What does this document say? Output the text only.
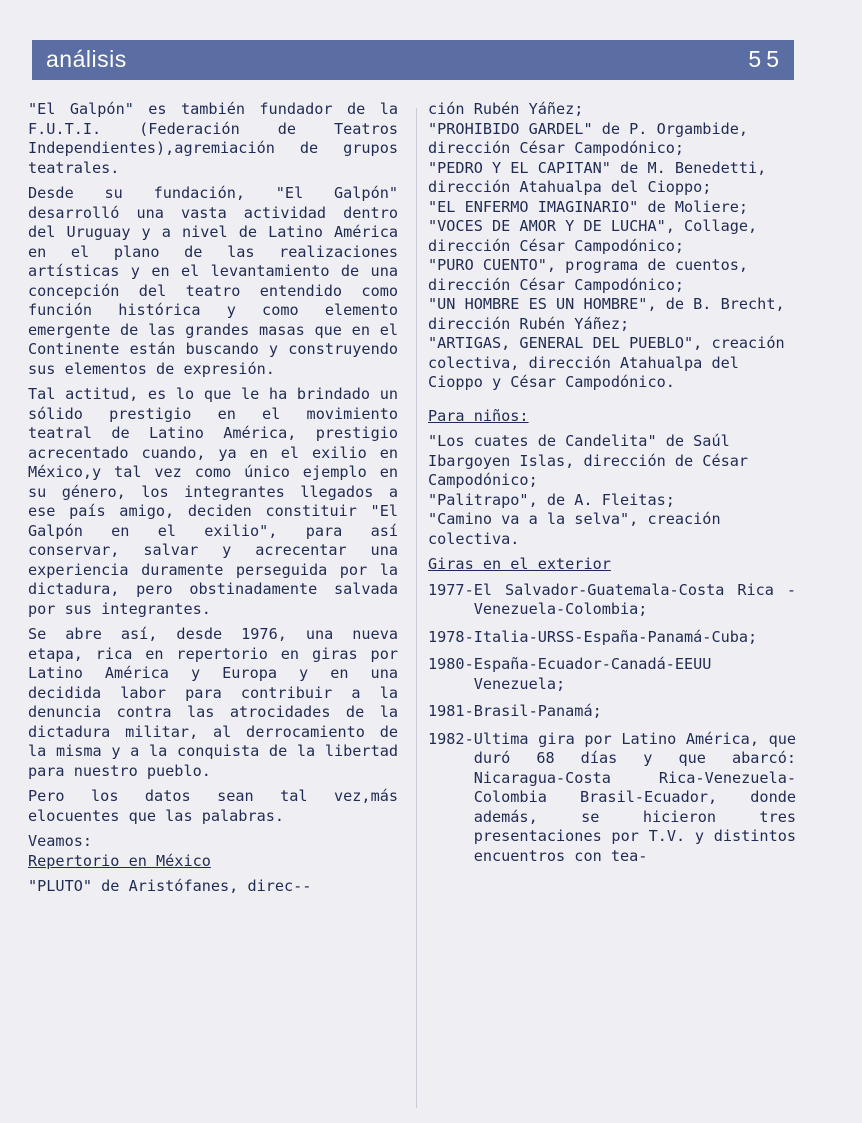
análisis	55

"El Galpón" es también fundador de la F.U.T.I. (Federación de Teatros Independientes),agremiación de grupos teatrales.

Desde su fundación, "El Galpón" desarrolló una vasta actividad dentro del Uruguay y a nivel de Latino América en el plano de las realizaciones artísticas y en el levantamiento de una concepción del teatro entendido como función histórica y como elemento emergente de las grandes masas que en el Continente están buscando y construyendo sus elementos de expresión.

Tal actitud, es lo que le ha brindado un sólido prestigio en el movimiento teatral de Latino América, prestigio acrecentado cuando, ya en el exilio en México,y tal vez como único ejemplo en su género, los integrantes llegados a ese país amigo, deciden constituir "El Galpón en el exilio", para así conservar, salvar y acrecentar una experiencia duramente perseguida por la dictadura, pero obstinadamente salvada por sus integrantes.

Se abre así, desde 1976, una nueva etapa, rica en repertorio en giras por Latino América y Europa y en una decidida labor para contribuir a la denuncia contra las atrocidades de la dictadura militar, al derrocamiento de la misma y a la conquista de la libertad para nuestro pueblo.

Pero los datos sean tal vez,más elocuentes que las palabras.

Veamos:
Repertorio en México
"PLUTO" de Aristófanes, direc--
ción Rubén Yáñez;
"PROHIBIDO GARDEL" de P. Orgambide, dirección César Campodónico;
"PEDRO Y EL CAPITAN" de M. Benedetti, dirección Atahualpa del Cioppo;
"EL ENFERMO IMAGINARIO" de Moliere;
"VOCES DE AMOR Y DE LUCHA", Collage, dirección César Campodónico;
"PURO CUENTO", programa de cuentos, dirección César Campodónico;
"UN HOMBRE ES UN HOMBRE", de B. Brecht, dirección Rubén Yáñez;
"ARTIGAS, GENERAL DEL PUEBLO", creación colectiva, dirección Atahualpa del Cioppo y César Campodónico.
Para niños:
"Los cuates de Candelita" de Saúl Ibargoyen Islas, dirección de César Campodónico;
"Palitrapo", de A. Fleitas;
"Camino va a la selva", creación colectiva.
Giras en el exterior
1977- El Salvador-Guatemala-Costa Rica - Venezuela-Colombia;
1978- Italia-URSS-España-Panamá-Cuba;
1980- España-Ecuador-Canadá-EEUU Venezuela;
1981- Brasil-Panamá;
1982- Ultima gira por Latino América, que duró 68 días y que abarcó: Nicaragua-Costa Rica-Venezuela-Colombia Brasil-Ecuador, donde además, se hicieron tres presentaciones por T.V. y distintos encuentros con tea-
